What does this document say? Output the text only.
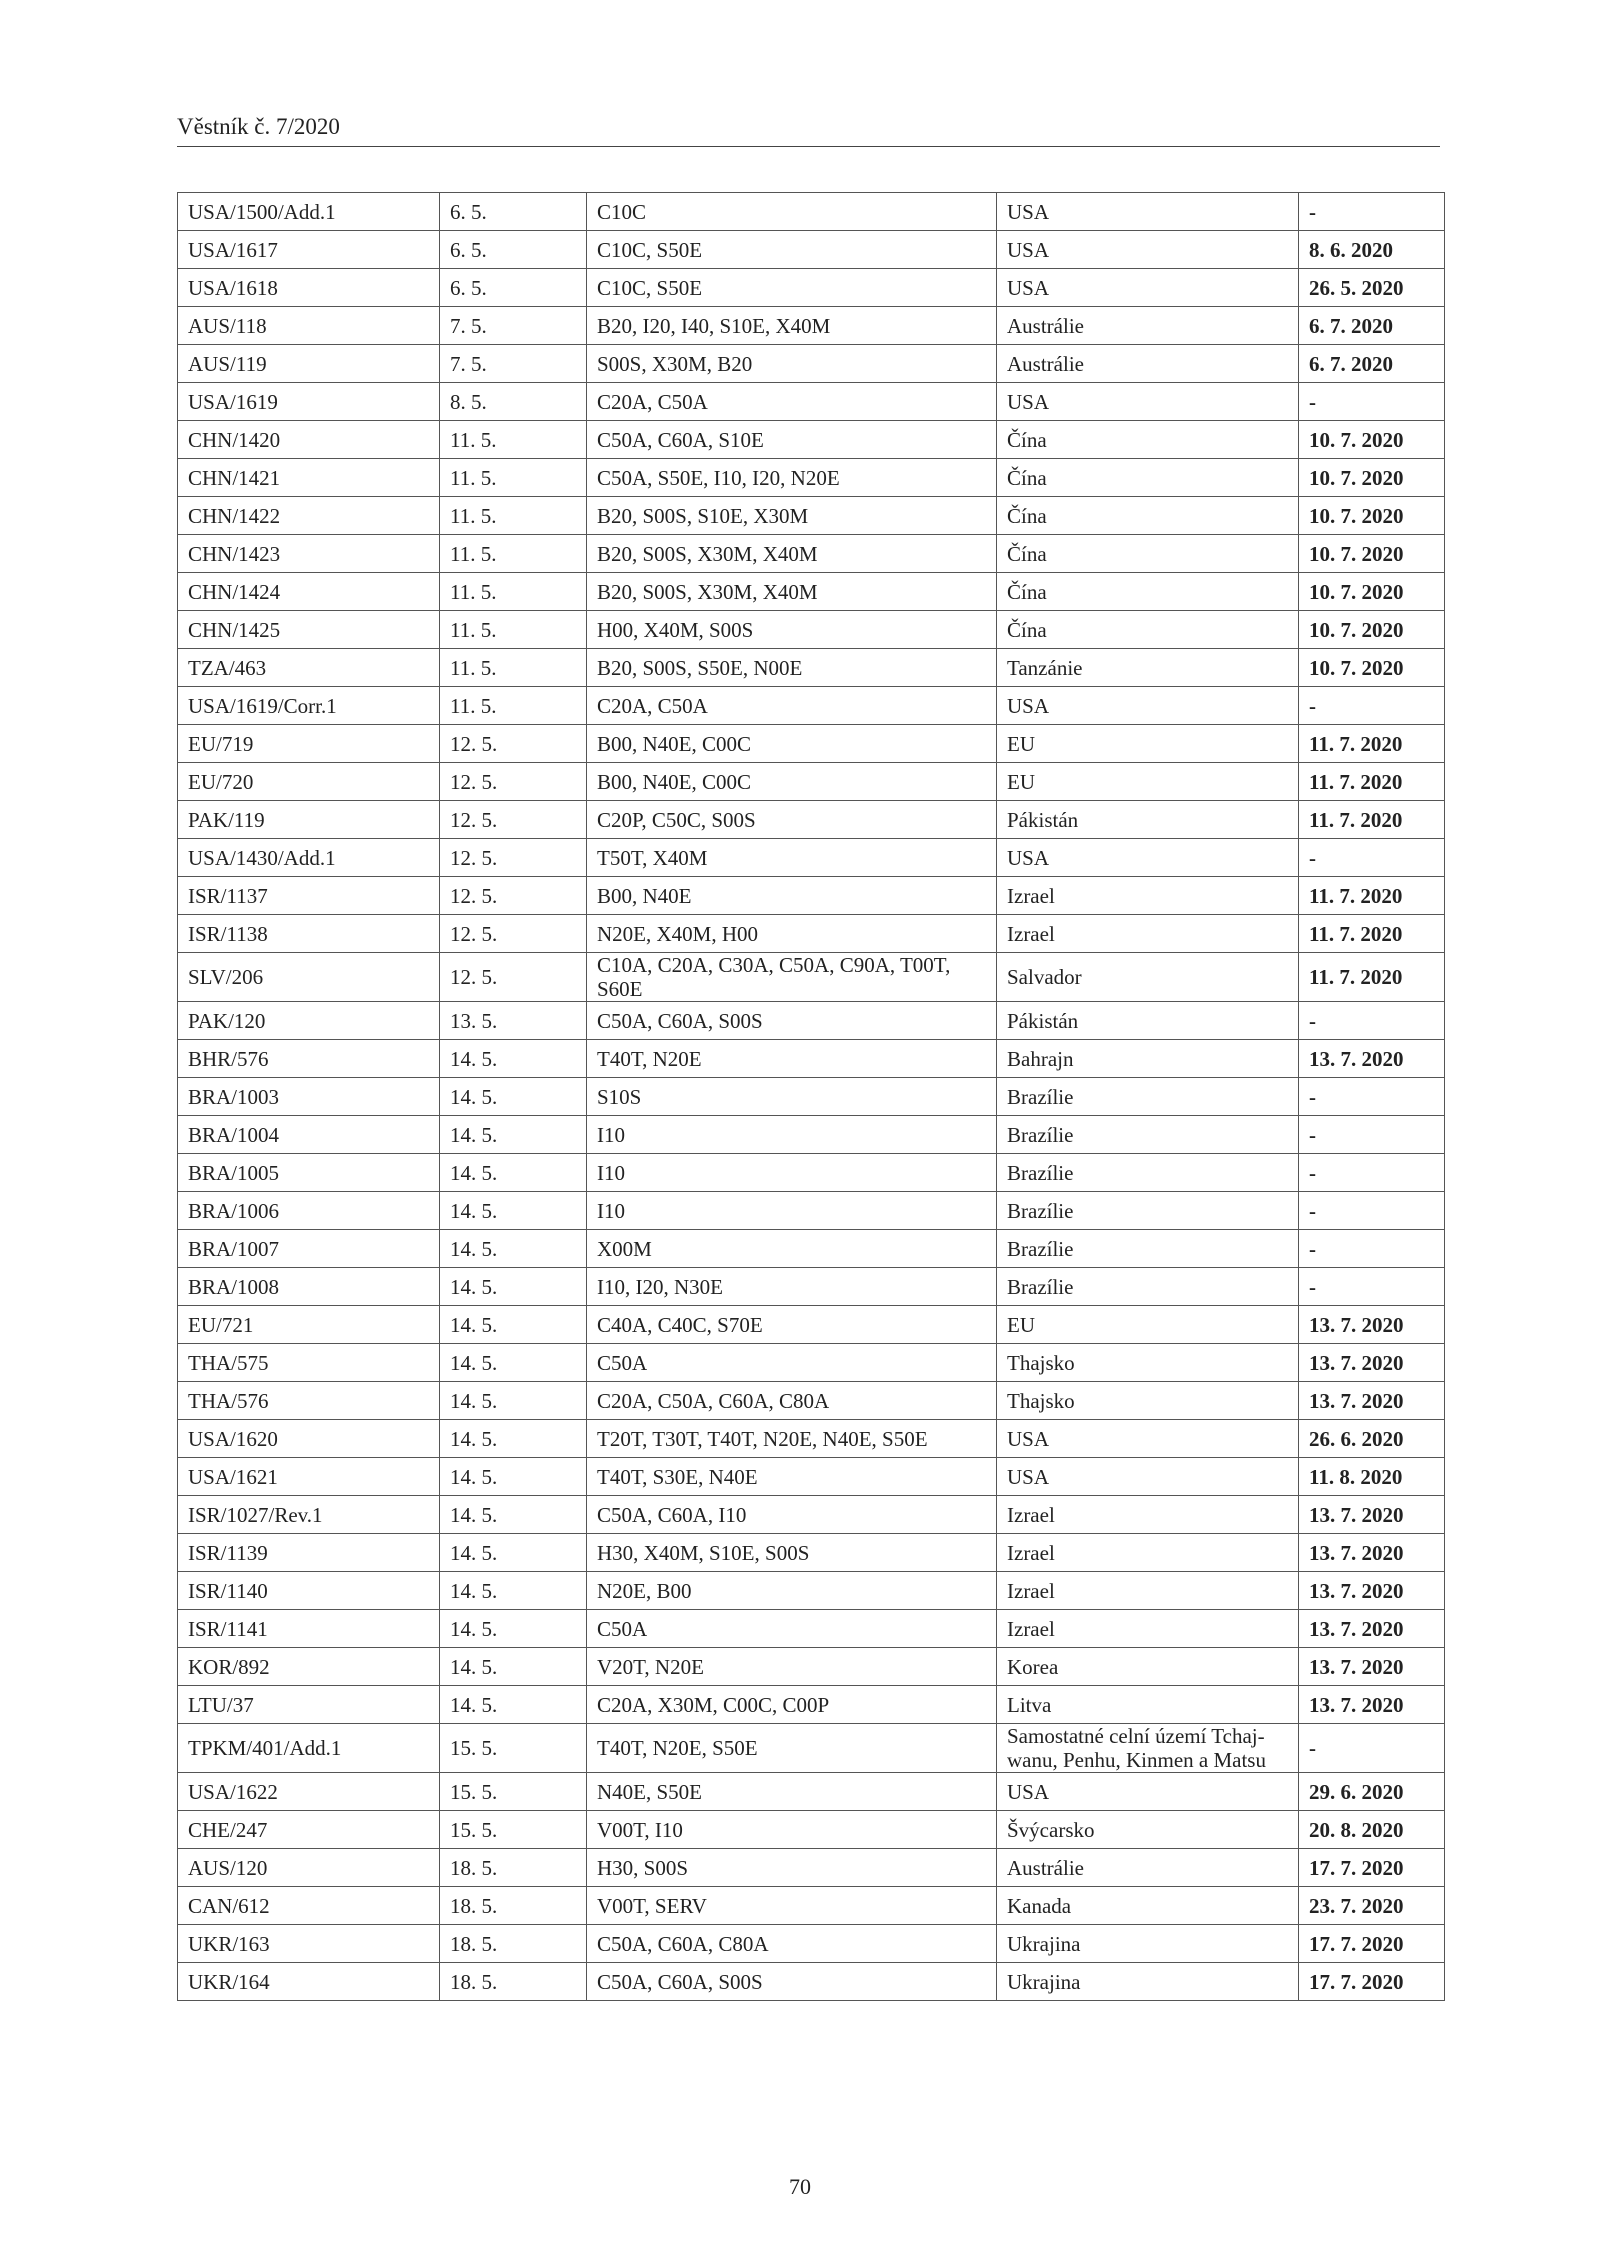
Věstník č. 7/2020
USA/1500/Add.1	6. 5.	C10C	USA	-
USA/1617	6. 5.	C10C, S50E	USA	8. 6. 2020
USA/1618	6. 5.	C10C, S50E	USA	26. 5. 2020
AUS/118	7. 5.	B20, I20, I40, S10E, X40M	Austrálie	6. 7. 2020
AUS/119	7. 5.	S00S, X30M, B20	Austrálie	6. 7. 2020
USA/1619	8. 5.	C20A, C50A	USA	-
CHN/1420	11. 5.	C50A, C60A, S10E	Čína	10. 7. 2020
CHN/1421	11. 5.	C50A, S50E, I10, I20, N20E	Čína	10. 7. 2020
CHN/1422	11. 5.	B20, S00S, S10E, X30M	Čína	10. 7. 2020
CHN/1423	11. 5.	B20, S00S, X30M, X40M	Čína	10. 7. 2020
CHN/1424	11. 5.	B20, S00S, X30M, X40M	Čína	10. 7. 2020
CHN/1425	11. 5.	H00, X40M, S00S	Čína	10. 7. 2020
TZA/463	11. 5.	B20, S00S, S50E, N00E	Tanzánie	10. 7. 2020
USA/1619/Corr.1	11. 5.	C20A, C50A	USA	-
EU/719	12. 5.	B00, N40E, C00C	EU	11. 7. 2020
EU/720	12. 5.	B00, N40E, C00C	EU	11. 7. 2020
PAK/119	12. 5.	C20P, C50C, S00S	Pákistán	11. 7. 2020
USA/1430/Add.1	12. 5.	T50T, X40M	USA	-
ISR/1137	12. 5.	B00, N40E	Izrael	11. 7. 2020
ISR/1138	12. 5.	N20E, X40M, H00	Izrael	11. 7. 2020
SLV/206	12. 5.	C10A, C20A, C30A, C50A, C90A, T00T, S60E	Salvador	11. 7. 2020
PAK/120	13. 5.	C50A, C60A, S00S	Pákistán	-
BHR/576	14. 5.	T40T, N20E	Bahrajn	13. 7. 2020
BRA/1003	14. 5.	S10S	Brazílie	-
BRA/1004	14. 5.	I10	Brazílie	-
BRA/1005	14. 5.	I10	Brazílie	-
BRA/1006	14. 5.	I10	Brazílie	-
BRA/1007	14. 5.	X00M	Brazílie	-
BRA/1008	14. 5.	I10, I20, N30E	Brazílie	-
EU/721	14. 5.	C40A, C40C, S70E	EU	13. 7. 2020
THA/575	14. 5.	C50A	Thajsko	13. 7. 2020
THA/576	14. 5.	C20A, C50A, C60A, C80A	Thajsko	13. 7. 2020
USA/1620	14. 5.	T20T, T30T, T40T, N20E, N40E, S50E	USA	26. 6. 2020
USA/1621	14. 5.	T40T, S30E, N40E	USA	11. 8. 2020
ISR/1027/Rev.1	14. 5.	C50A, C60A, I10	Izrael	13. 7. 2020
ISR/1139	14. 5.	H30, X40M, S10E, S00S	Izrael	13. 7. 2020
ISR/1140	14. 5.	N20E, B00	Izrael	13. 7. 2020
ISR/1141	14. 5.	C50A	Izrael	13. 7. 2020
KOR/892	14. 5.	V20T, N20E	Korea	13. 7. 2020
LTU/37	14. 5.	C20A, X30M, C00C, C00P	Litva	13. 7. 2020
TPKM/401/Add.1	15. 5.	T40T, N20E, S50E	Samostatné celní území Tchaj-wanu, Penhu, Kinmen a Matsu	-
USA/1622	15. 5.	N40E, S50E	USA	29. 6. 2020
CHE/247	15. 5.	V00T, I10	Švýcarsko	20. 8. 2020
AUS/120	18. 5.	H30, S00S	Austrálie	17. 7. 2020
CAN/612	18. 5.	V00T, SERV	Kanada	23. 7. 2020
UKR/163	18. 5.	C50A, C60A, C80A	Ukrajina	17. 7. 2020
UKR/164	18. 5.	C50A, C60A, S00S	Ukrajina	17. 7. 2020
70
